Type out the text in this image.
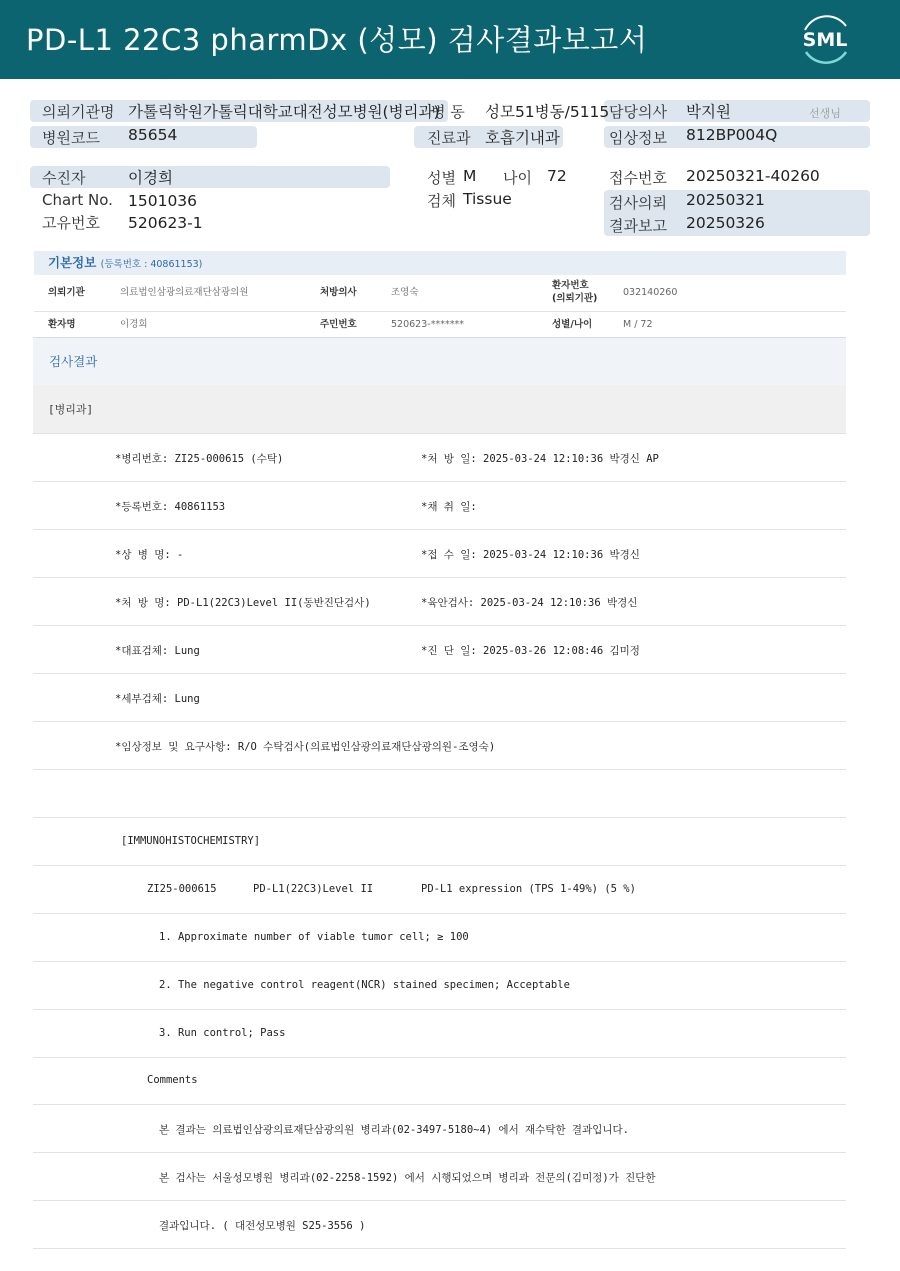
PD-L1 22C3 pharmDx (성모) 검사결과보고서	SML
의뢰기관명 가톨릭학원가톨릭대학교대전성모병원(병리과)
병 동 성모51병동/5115 담당의사 박지원	선생님
병원코드 85654	진료과 호흡기내과	임상정보 812BP004Q
수진자	이경희
Chart No. 1501036
고유번호 520623-1
성별 M 나이 72
검체 Tissue
접수번호 20250321-40260
검사의뢰 20250321
결과보고 20250326
기본정보 (등록번호 : 40861153)
의뢰기관	의료법인삼광의료재단삼광의원	처방의사	조영숙
환자번호
(의뢰기관)
032140260
환자명	이경희	주민번호	520623-*******	성별/나이	M / 72
검사결과
[병리과]
*병리번호: ZI25-000615 (수탁)	*처 방 일: 2025-03-24 12:10:36 박경신 AP
*등록번호: 40861153	*채 취 일:
*상 병 명: -	*접 수 일: 2025-03-24 12:10:36 박경신
*처 방 명: PD-L1(22C3)Level II(동반진단검사)	*육안검사: 2025-03-24 12:10:36 박경신
*대표검체: Lung	*진 단 일: 2025-03-26 12:08:46 김미정
*세부검체: Lung
*임상정보 및 요구사항: R/O 수탁검사(의료법인삼광의료재단삼광의원-조영숙)
[IMMUNOHISTOCHEMISTRY]
ZI25-000615	PD-L1(22C3)Level II	PD-L1 expression (TPS 1-49%) (5 %)
1. Approximate number of viable tumor cell; ≥ 100
2. The negative control reagent(NCR) stained specimen; Acceptable
3. Run control; Pass
Comments
본 결과는 의료법인삼광의료재단삼광의원 병리과(02-3497-5180~4) 에서 재수탁한 결과입니다.
본 검사는 서울성모병원 병리과(02-2258-1592) 에서 시행되었으며 병리과 전문의(김미정)가 진단한
결과입니다. ( 대전성모병원 S25-3556 )
